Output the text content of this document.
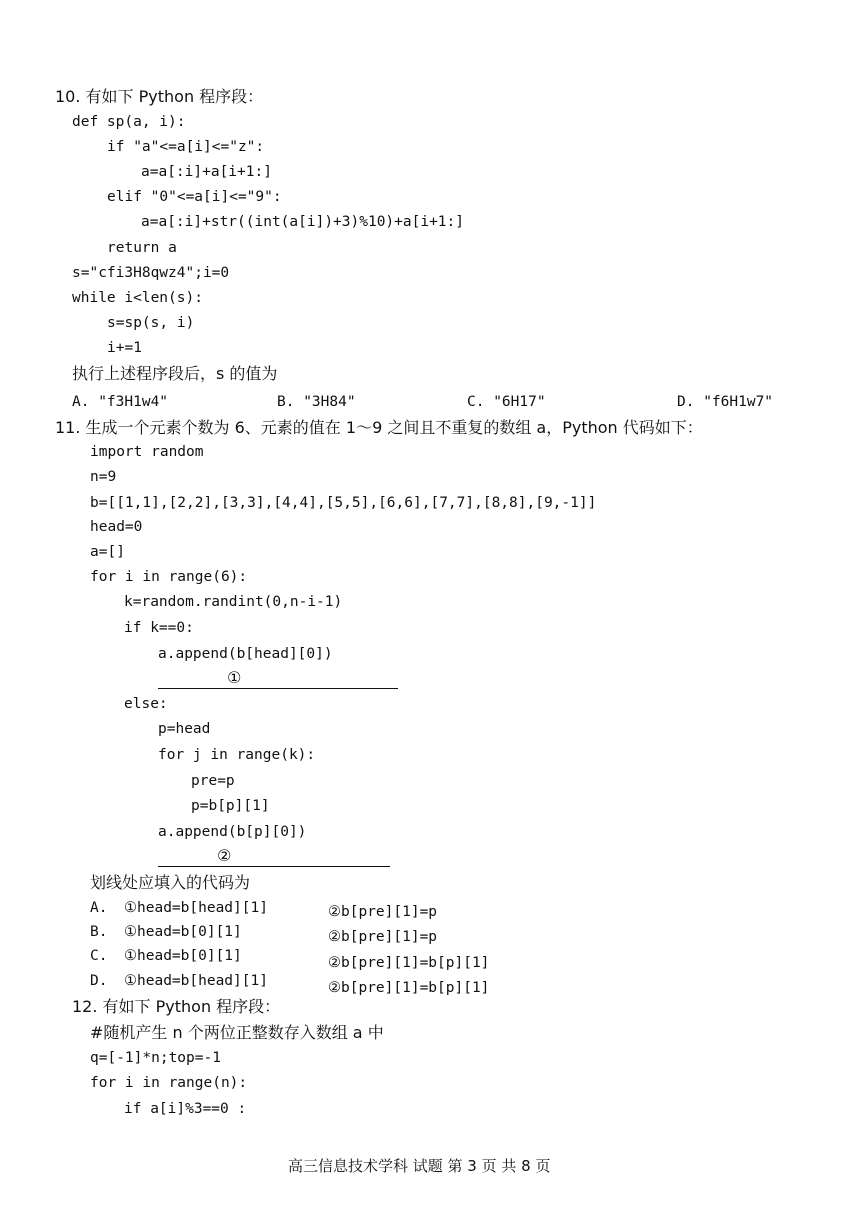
10. 有如下 Python 程序段：
def sp(a, i):
if "a"<=a[i]<="z":
a=a[:i]+a[i+1:]
elif "0"<=a[i]<="9":
a=a[:i]+str((int(a[i])+3)%10)+a[i+1:]
return a
s="cfi3H8qwz4";i=0
while i<len(s):
s=sp(s, i)
i+=1
执行上述程序段后，s 的值为
A. "f3H1w4"	B. "3H84"	C. "6H17"	D. "f6H1w7"
11. 生成一个元素个数为 6、元素的值在 1～9 之间且不重复的数组 a，Python 代码如下：
import random
n=9
b=[[1,1],[2,2],[3,3],[4,4],[5,5],[6,6],[7,7],[8,8],[9,-1]]
head=0
a=[]
for i in range(6):
k=random.randint(0,n-i-1)
if k==0:
a.append(b[head][0])
①
else:
p=head
for j in range(k):
pre=p
p=b[p][1]
a.append(b[p][0])
②
划线处应填入的代码为
A. ①head=b[head][1]	②b[pre][1]=p
B. ①head=b[0][1]	②b[pre][1]=p
C. ①head=b[0][1]	②b[pre][1]=b[p][1]
D. ①head=b[head][1]	②b[pre][1]=b[p][1]
12. 有如下 Python 程序段：
#随机产生 n 个两位正整数存入数组 a 中
q=[-1]*n;top=-1
for i in range(n):
if a[i]%3==0 :
高三信息技术学科 试题 第 3 页 共 8 页
